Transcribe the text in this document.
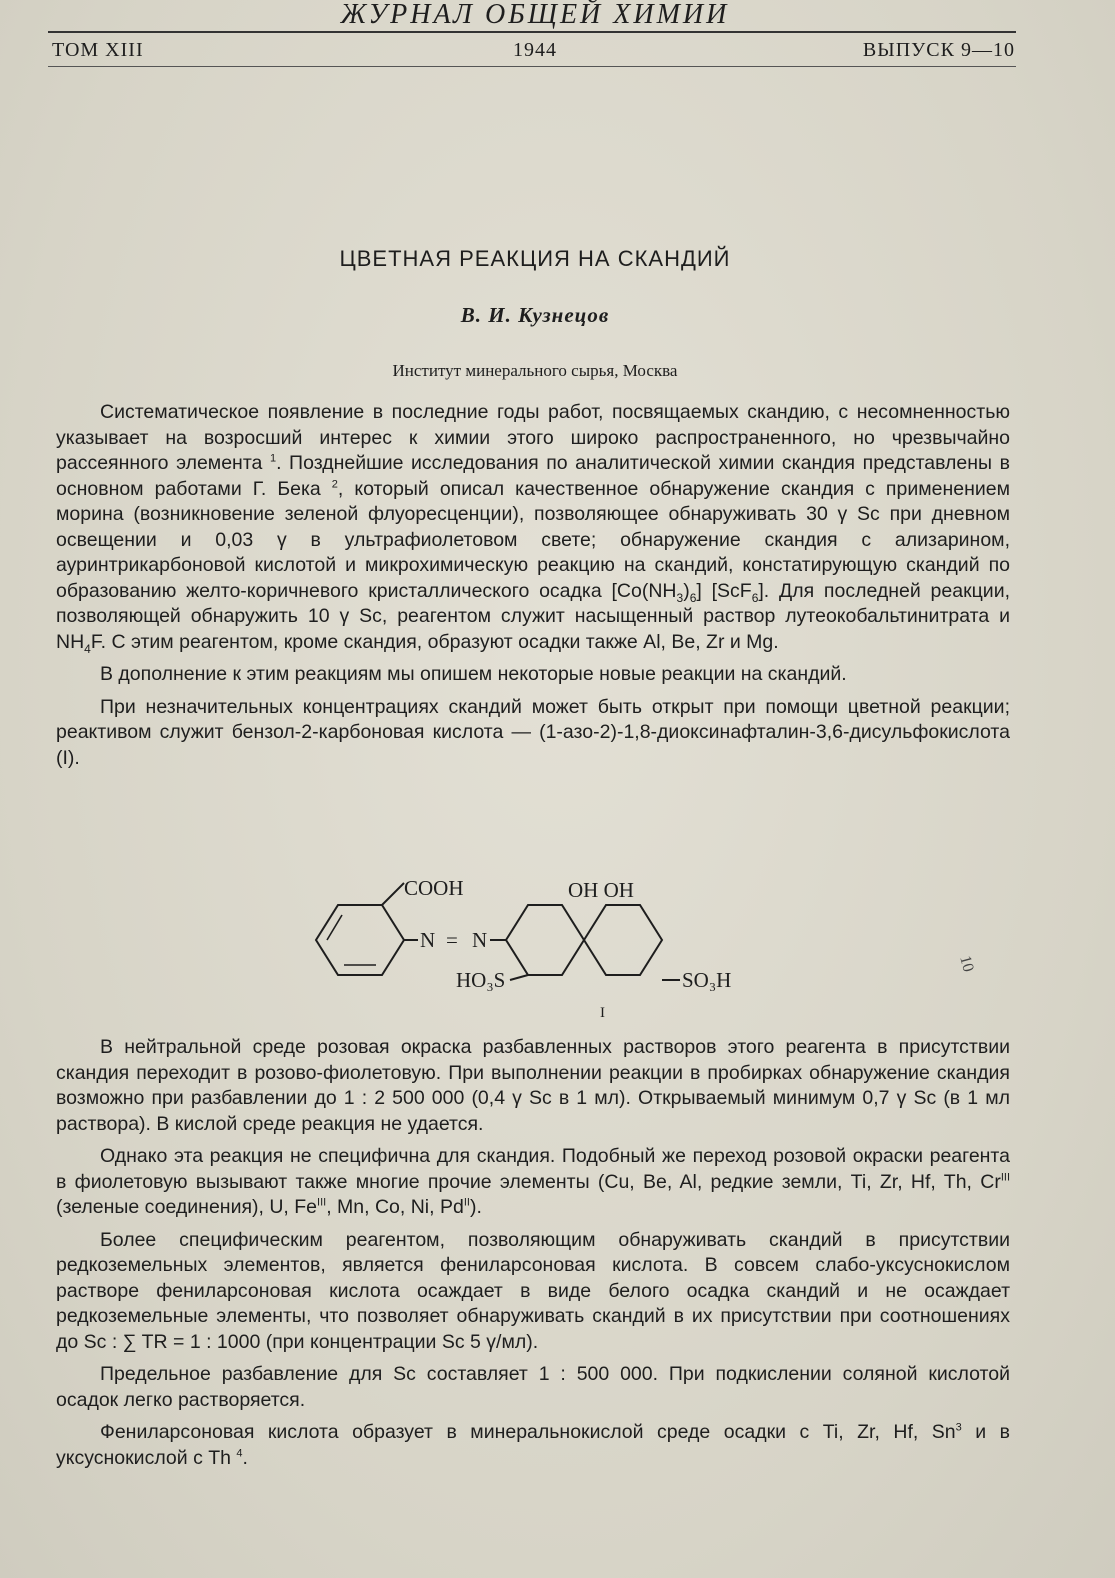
ЖУРНАЛ ОБЩЕЙ ХИМИИ
ТОМ XIII	1944	ВЫПУСК 9—10
ЦВЕТНАЯ РЕАКЦИЯ НА СКАНДИЙ
В. И. Кузнецов
Институт минерального сырья, Москва

Систематическое появление в последние годы работ, посвящаемых скандию, с несомненностью указывает на возросший интерес к химии этого широко распространенного, но чрезвычайно рассеянного элемента $^1$. Позднейшие исследования по аналитической химии скандия представлены в основном работами Г. Бека $^2$, который описал качественное обнаружение скандия с применением морина (возникновение зеленой флуоресценции), позволяющее обнаруживать 30 γ Sc при дневном освещении и 0,03 γ в ультрафиолетовом свете; обнаружение скандия с ализарином, ауринтрикарбоновой кислотой и микрохимическую реакцию на скандий, констатирующую скандий по образованию желто-коричневого кристаллического осадка $[Co(NH_3)_6]$ [ScF$_6$]. Для последней реакции, позволяющей обнаружить 10 γ Sc, реагентом служит насыщенный раствор лутеокобальтинитрата и $NH_4F$. С этим реагентом, кроме скандия, образуют осадки также Al, Be, Zr и Mg.

В дополнение к этим реакциям мы опишем некоторые новые реакции на скандий.

При незначительных концентрациях скандий может быть открыт при помощи цветной реакции; реактивом служит бензол-2-карбоновая кислота — (1-азо-2)-1,8-диоксинафталин-3,6-дисульфокислота (I).

COOH
N = N
OH OH
HO₃S	SO₃H
I
10

В нейтральной среде розовая окраска разбавленных растворов этого реагента в присутствии скандия переходит в розово-фиолетовую. При выполнении реакции в пробирках обнаружение скандия возможно при разбавлении до 1 : 2 500 000 (0,4 γ Sc в 1 мл). Открываемый минимум 0,7 γ Sc (в 1 мл раствора). В кислой среде реакция не удается.

Однако эта реакция не специфична для скандия. Подобный же переход розовой окраски реагента в фиолетовую вызывают также многие прочие элементы (Cu, Be, Al, редкие земли, Ti, Zr, Hf, Th, $Cr^{III}$ (зеленые соединения), U, $Fe^{III}$, Mn, Co, Ni, $Pd^{II}$).

Более специфическим реагентом, позволяющим обнаруживать скандий в присутствии редкоземельных элементов, является фениларсоновая кислота. В совсем слабо-уксуснокислом растворе фениларсоновая кислота осаждает в виде белого осадка скандий и не осаждает редкоземельные элементы, что позволяет обнаруживать скандий в их присутствии при соотношениях до Sc : ∑ TR = 1 : 1000 (при концентрации Sc 5 γ/мл).

Предельное разбавление для Sc составляет 1 : 500 000. При подкислении соляной кислотой осадок легко растворяется.

Фениларсоновая кислота образует в минеральнокислой среде осадки с Ti, Zr, Hf, Sn$^3$ и в уксуснокислой с Th $^4$.
